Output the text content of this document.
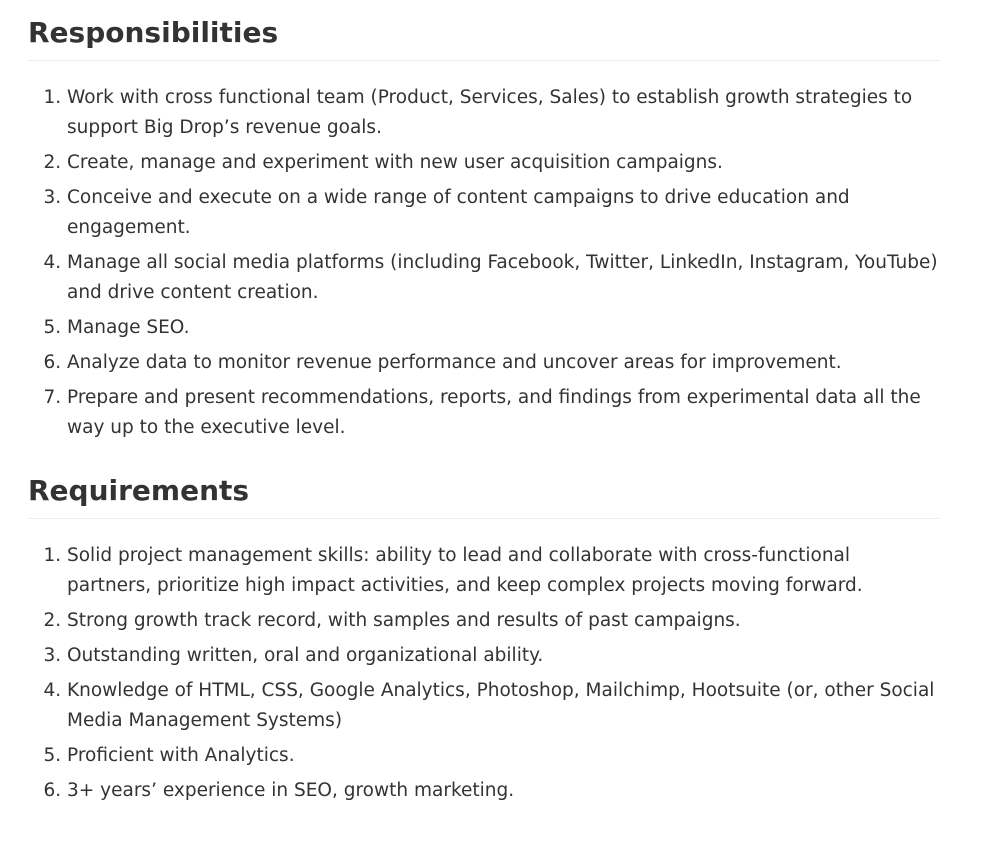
Responsibilities
1. Work with cross functional team (Product, Services, Sales) to establish growth strategies to support Big Drop’s revenue goals.
2. Create, manage and experiment with new user acquisition campaigns.
3. Conceive and execute on a wide range of content campaigns to drive education and engagement.
4. Manage all social media platforms (including Facebook, Twitter, LinkedIn, Instagram, YouTube) and drive content creation.
5. Manage SEO.
6. Analyze data to monitor revenue performance and uncover areas for improvement.
7. Prepare and present recommendations, reports, and findings from experimental data all the way up to the executive level.
Requirements
1. Solid project management skills: ability to lead and collaborate with cross-functional partners, prioritize high impact activities, and keep complex projects moving forward.
2. Strong growth track record, with samples and results of past campaigns.
3. Outstanding written, oral and organizational ability.
4. Knowledge of HTML, CSS, Google Analytics, Photoshop, Mailchimp, Hootsuite (or, other Social Media Management Systems)
5. Proficient with Analytics.
6. 3+ years’ experience in SEO, growth marketing.
